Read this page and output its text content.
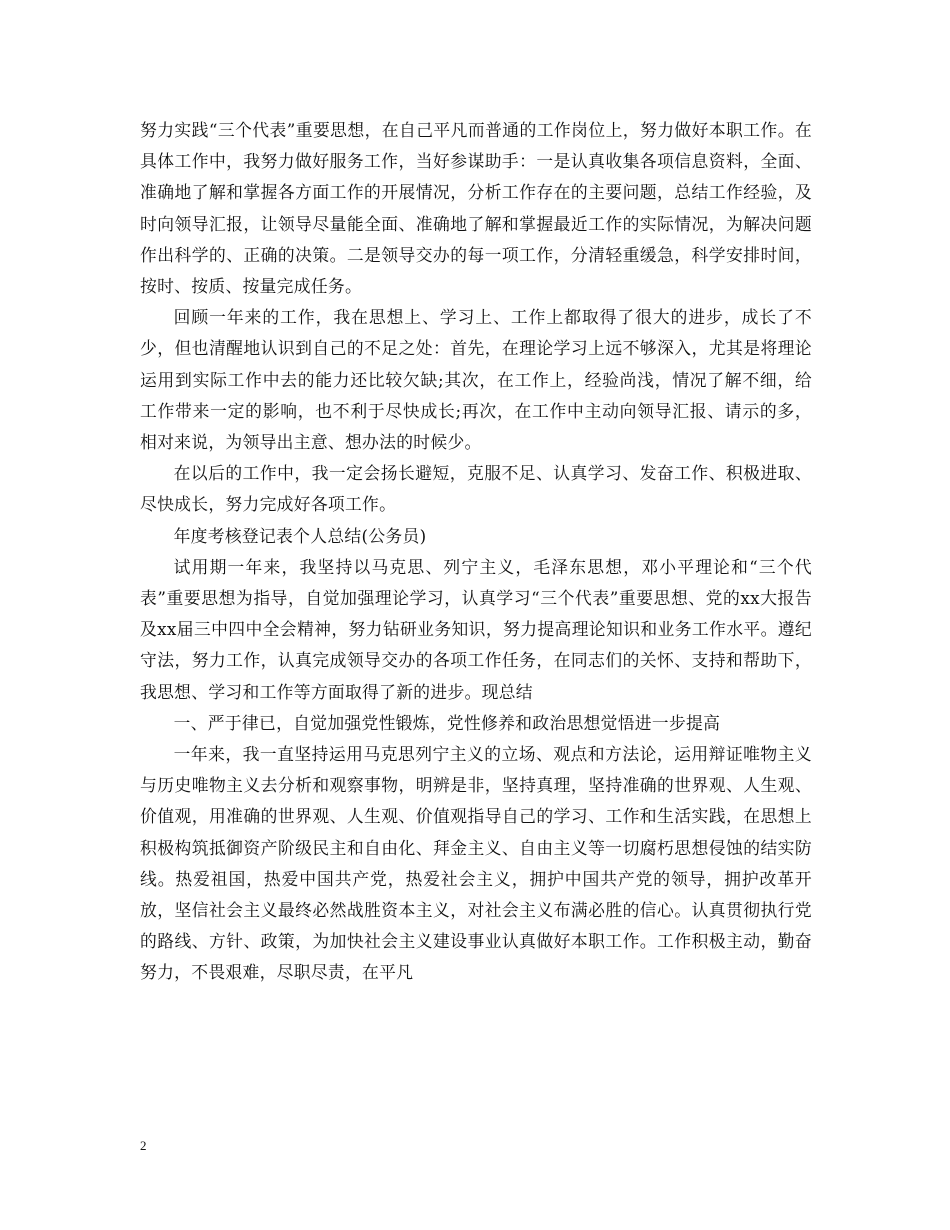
努力实践“三个代表”重要思想，在自己平凡而普通的工作岗位上，努力做好本职工作。在具体工作中，我努力做好服务工作，当好参谋助手：一是认真收集各项信息资料，全面、准确地了解和掌握各方面工作的开展情况，分析工作存在的主要问题，总结工作经验，及时向领导汇报，让领导尽量能全面、准确地了解和掌握最近工作的实际情况，为解决问题作出科学的、正确的决策。二是领导交办的每一项工作，分清轻重缓急，科学安排时间，按时、按质、按量完成任务。

回顾一年来的工作，我在思想上、学习上、工作上都取得了很大的进步，成长了不少，但也清醒地认识到自己的不足之处：首先，在理论学习上远不够深入，尤其是将理论运用到实际工作中去的能力还比较欠缺;其次，在工作上，经验尚浅，情况了解不细，给工作带来一定的影响，也不利于尽快成长;再次，在工作中主动向领导汇报、请示的多，相对来说，为领导出主意、想办法的时候少。

在以后的工作中，我一定会扬长避短，克服不足、认真学习、发奋工作、积极进取、尽快成长，努力完成好各项工作。

年度考核登记表个人总结(公务员)

试用期一年来，我坚持以马克思、列宁主义，毛泽东思想，邓小平理论和“三个代表”重要思想为指导，自觉加强理论学习，认真学习“三个代表”重要思想、党的xx大报告及xx届三中四中全会精神，努力钻研业务知识，努力提高理论知识和业务工作水平。遵纪守法，努力工作，认真完成领导交办的各项工作任务，在同志们的关怀、支持和帮助下，我思想、学习和工作等方面取得了新的进步。现总结

一、严于律已，自觉加强党性锻炼，党性修养和政治思想觉悟进一步提高

一年来，我一直坚持运用马克思列宁主义的立场、观点和方法论，运用辩证唯物主义与历史唯物主义去分析和观察事物，明辨是非，坚持真理，坚持准确的世界观、人生观、价值观，用准确的世界观、人生观、价值观指导自己的学习、工作和生活实践，在思想上积极构筑抵御资产阶级民主和自由化、拜金主义、自由主义等一切腐朽思想侵蚀的结实防线。热爱祖国，热爱中国共产党，热爱社会主义，拥护中国共产党的领导，拥护改革开放，坚信社会主义最终必然战胜资本主义，对社会主义布满必胜的信心。认真贯彻执行党的路线、方针、政策，为加快社会主义建设事业认真做好本职工作。工作积极主动，勤奋努力，不畏艰难，尽职尽责，在平凡

2
